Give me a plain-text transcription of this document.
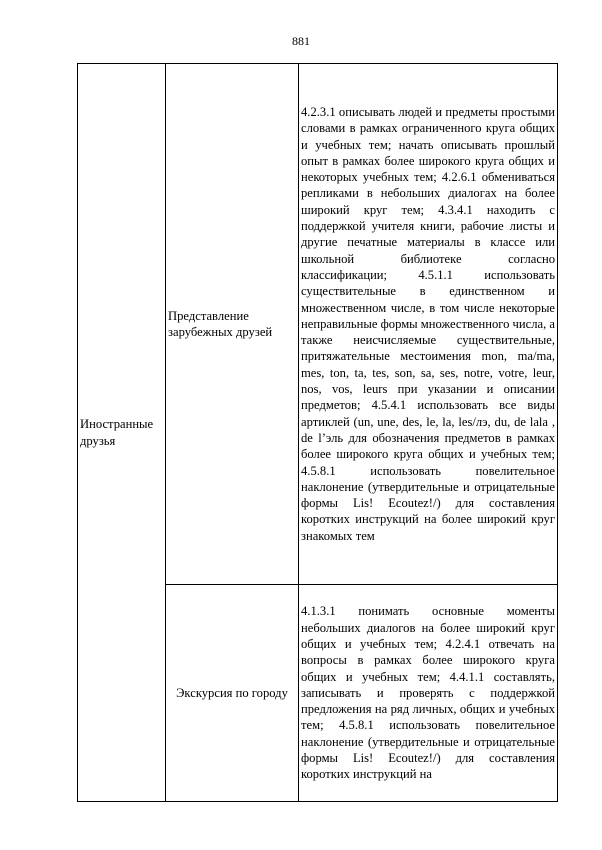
881
Иностранные друзья	Представление зарубежных друзей	4.2.3.1 описывать людей и предметы простыми словами в рамках ограниченного круга общих и учебных тем; начать описывать прошлый опыт в рамках более широкого круга общих и некоторых учебных тем; 4.2.6.1 обмениваться репликами в небольших диалогах на более широкий круг тем; 4.3.4.1 находить с поддержкой учителя книги, рабочие листы и другие печатные материалы в классе или школьной библиотеке согласно классификации; 4.5.1.1 использовать существительные в единственном и множественном числе, в том числе некоторые неправильные формы множественного числа, а также неисчисляемые существительные, притяжательные местоимения mon, ma/ma, mes, ton, ta, tes, son, sa, ses, notre, votre, leur, nos, vos, leurs при указании и описании предметов; 4.5.4.1 использовать все виды артиклей (un, une, des, le, la, les/лэ, du, de lala , de l’эль для обозначения предметов в рамках более широкого круга общих и учебных тем; 4.5.8.1 использовать повелительное наклонение (утвердительные и отрицательные формы Lis! Ecoutez!/) для составления коротких инструкций на более широкий круг знакомых тем
	Экскурсия по городу	4.1.3.1 понимать основные моменты небольших диалогов на более широкий круг общих и учебных тем; 4.2.4.1 отвечать на вопросы в рамках более широкого круга общих и учебных тем; 4.4.1.1 составлять, записывать и проверять с поддержкой предложения на ряд личных, общих и учебных тем; 4.5.8.1 использовать повелительное наклонение (утвердительные и отрицательные формы Lis! Ecoutez!/) для составления коротких инструкций на
